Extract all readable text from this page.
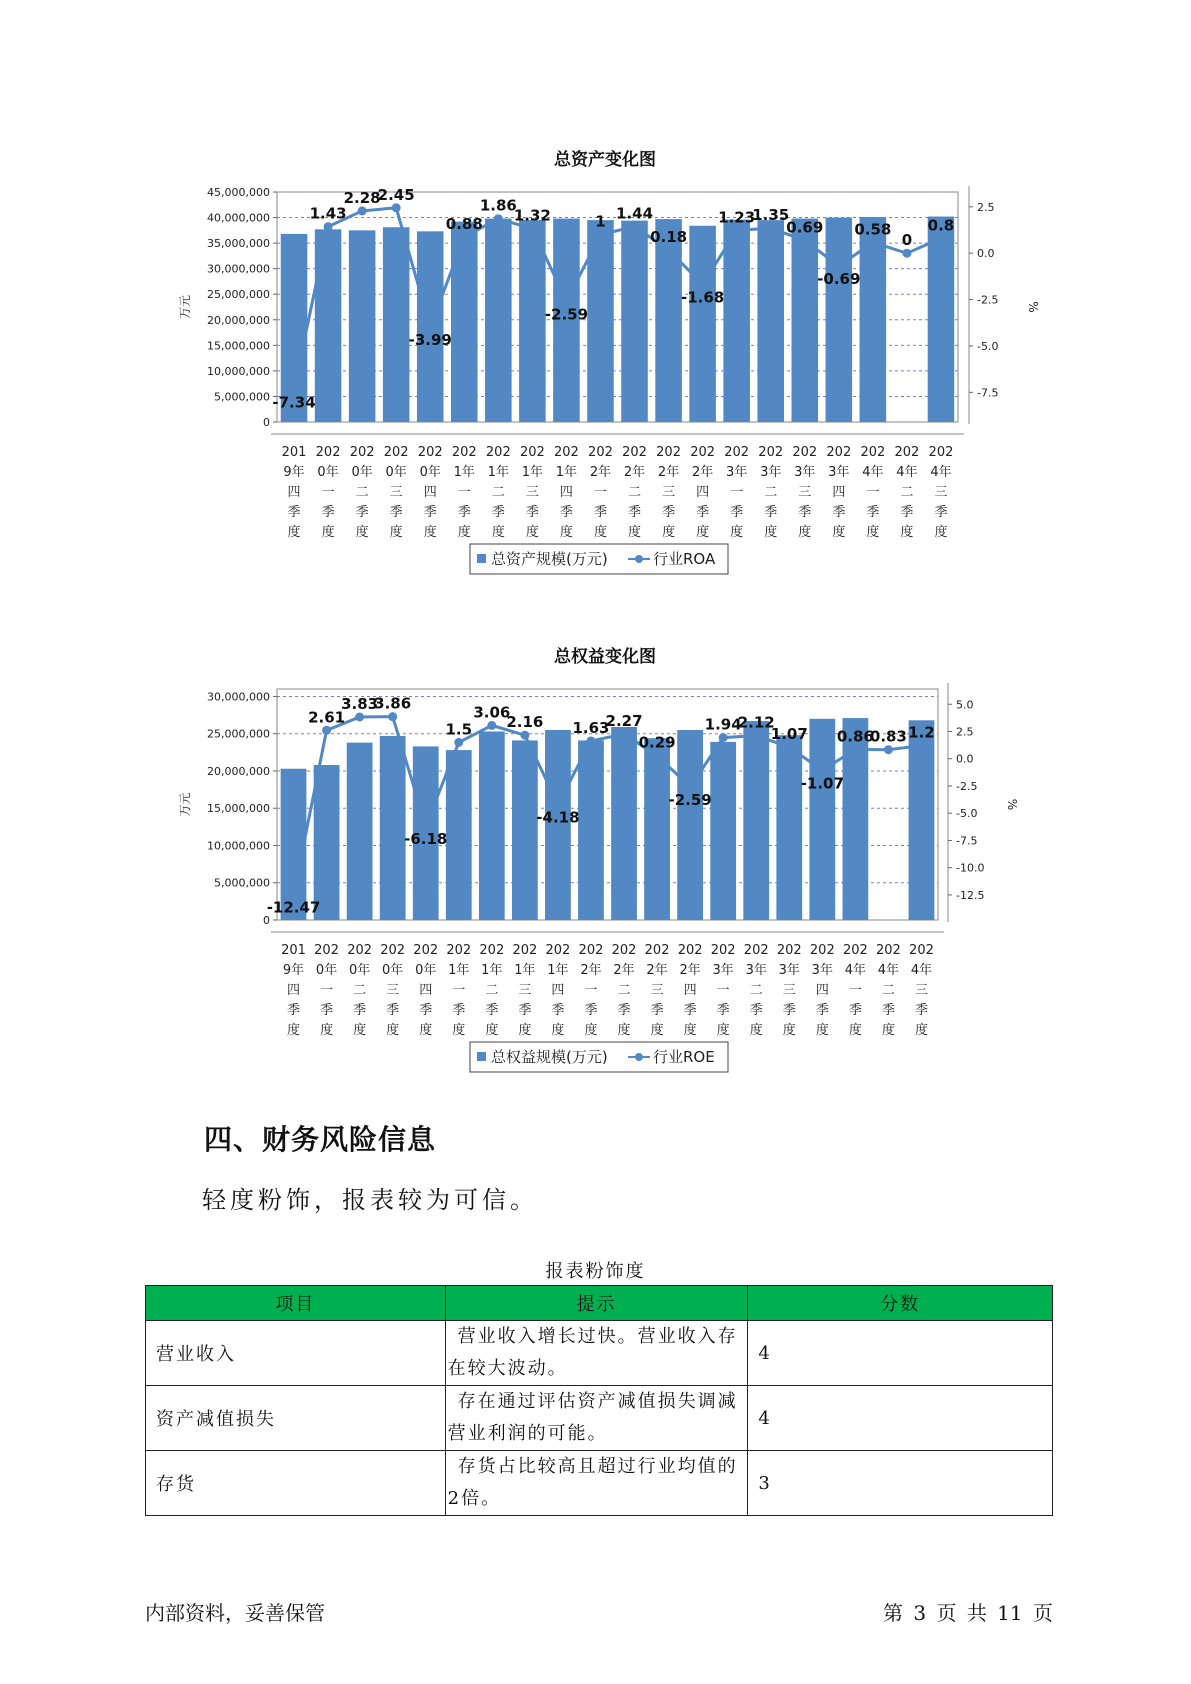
总资产变化图
0
5,000,000
10,000,000
15,000,000
20,000,000
25,000,000
30,000,000
35,000,000
40,000,000
45,000,000
万元
-7.5
-5.0
-2.5
0.0
2.5
%
-7.34
1.43
2.28
2.45
-3.99
0.88
1.86
1.32
-2.59
1 1.44
0.18
-1.68
1.23
1.35
0.69
-0.69
0.58
0
0.8
201
9年
四
季
度
202
0年
一
季
度
202
0年
二
季
度
202
0年
三
季
度
202
0年
四
季
度
202
1年
一
季
度
202
1年
二
季
度
202
1年
三
季
度
202
1年
四
季
度
202
2年
一
季
度
202
2年
二
季
度
202
2年
三
季
度
202
2年
四
季
度
202
3年
一
季
度
202
3年
二
季
度
202
3年
三
季
度
202
3年
四
季
度
202
4年
一
季
度
202
4年
二
季
度
202
4年
三
季
度
总资产规模(万元)	行业ROA
总权益变化图
0
5,000,000
10,000,000
15,000,000
20,000,000
25,000,000
30,000,000
万元
-12.5
-10.0
-7.5
-5.0
-2.5
0.0
2.5
5.0
%
-12.47
2.61
3.83
3.86
-6.18
1.5
3.06
2.16
-4.18
1.63
2.27
0.29
-2.59
1.94
2.12
1.07
-1.07
0.86
0.83 1.2
201
9年
四
季
度
202
0年
一
季
度
202
0年
二
季
度
202
0年
三
季
度
202
0年
四
季
度
202
1年
一
季
度
202
1年
二
季
度
202
1年
三
季
度
202
1年
四
季
度
202
2年
一
季
度
202
2年
二
季
度
202
2年
三
季
度
202
2年
四
季
度
202
3年
一
季
度
202
3年
二
季
度
202
3年
三
季
度
202
3年
四
季
度
202
4年
一
季
度
202
4年
二
季
度
202
4年
三
季
度
总权益规模(万元)	行业ROE
四、财务风险信息
轻度粉饰，报表较为可信。
报表粉饰度
项目	提示	分数
营业收入	营业收入增长过快。营业收入存在较大波动。	4
资产减值损失	存在通过评估资产减值损失调减营业利润的可能。	4
存货	存货占比较高且超过行业均值的2倍。	3
内部资料，妥善保管	第 3 页 共 11 页
